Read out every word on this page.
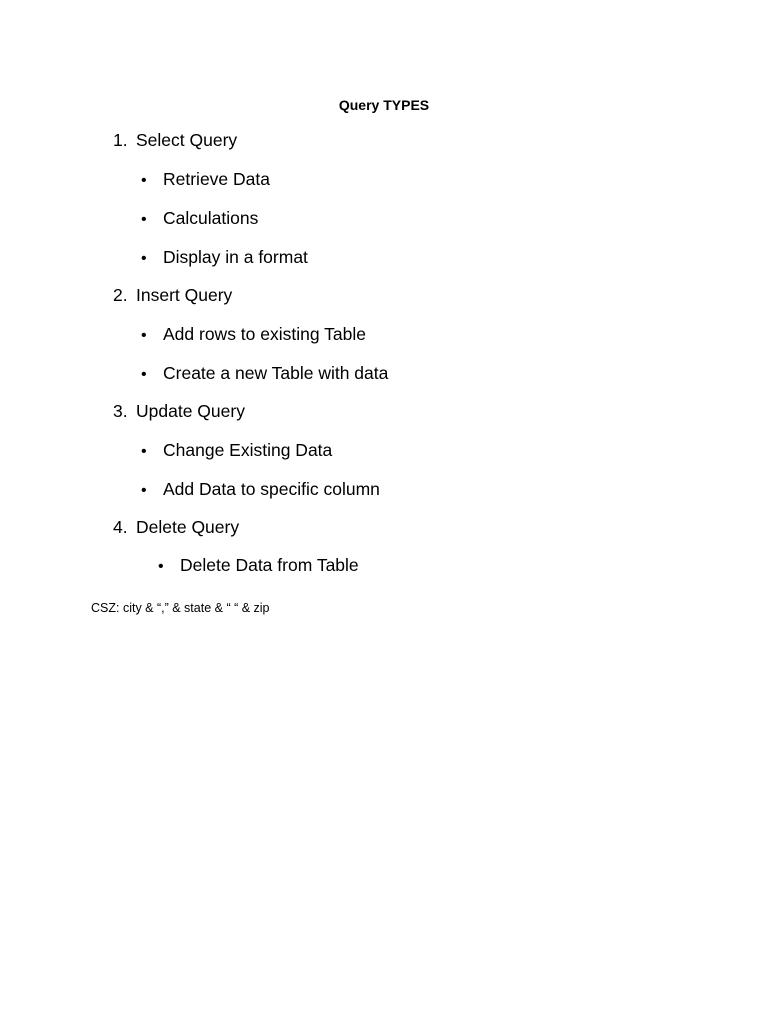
Query TYPES
1. Select Query
• Retrieve Data
• Calculations
• Display in a format
2. Insert Query
• Add rows to existing Table
• Create a new Table with data
3. Update Query
• Change Existing Data
• Add Data to specific column
4. Delete Query
• Delete Data from Table
CSZ: city & “,” & state & “ “ & zip
